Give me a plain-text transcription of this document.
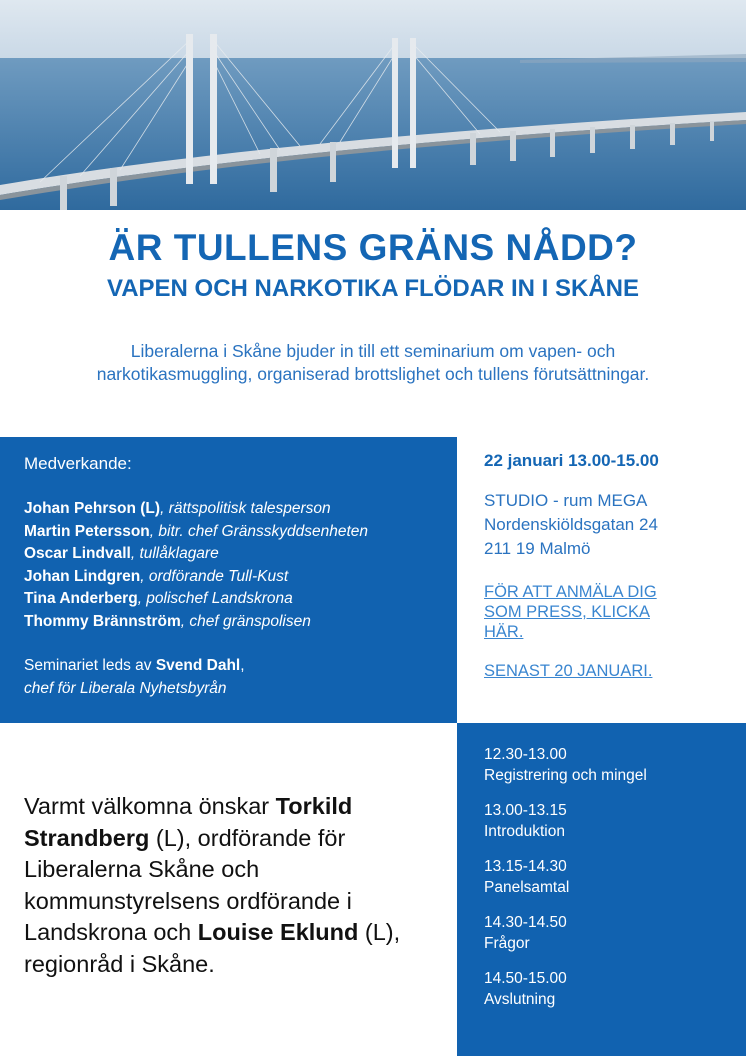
ÄR TULLENS GRÄNS NÅDD?
VAPEN OCH NARKOTIKA FLÖDAR IN I SKÅNE
Liberalerna i Skåne bjuder in till ett seminarium om vapen- och
narkotikasmuggling, organiserad brottslighet och tullens förutsättningar.
Medverkande:
Johan Pehrson (L), rättspolitisk talesperson
Martin Petersson, bitr. chef Gränsskyddsenheten
Oscar Lindvall, tullåklagare
Johan Lindgren, ordförande Tull-Kust
Tina Anderberg, polischef Landskrona
Thommy Brännström, chef gränspolisen
Seminariet leds av Svend Dahl,
chef för Liberala Nyhetsbyrån
22 januari 13.00-15.00
STUDIO - rum MEGA
Nordenskiöldsgatan 24
211 19 Malmö
FÖR ATT ANMÄLA DIG
SOM PRESS, KLICKA
HÄR.
SENAST 20 JANUARI.
Varmt välkomna önskar Torkild Strandberg (L), ordförande för Liberalerna Skåne och kommunstyrelsens ordförande i Landskrona och Louise Eklund (L), regionråd i Skåne.
12.30-13.00
Registrering och mingel
13.00-13.15
Introduktion
13.15-14.30
Panelsamtal
14.30-14.50
Frågor
14.50-15.00
Avslutning
